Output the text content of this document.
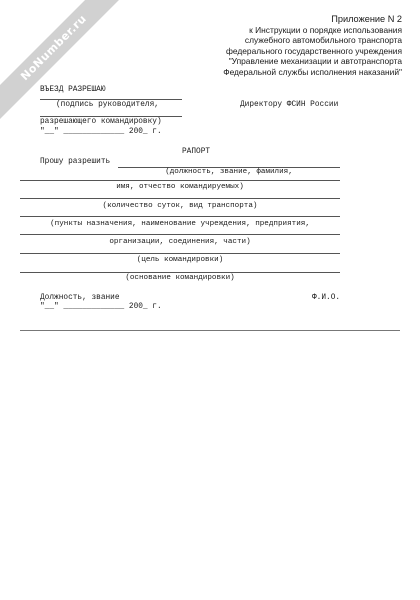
NoNumber.ru	Приложение N 2
к Инструкции о порядке использования
служебного автомобильного транспорта
федерального государственного учреждения
"Управление механизации и автотранспорта
Федеральной службы исполнения наказаний"
ВЪЕЗД РАЗРЕШАЮ
(подпись руководителя,
разрешающего командировку)
"__" _____________ 200_ г.
Директору ФСИН России
РАПОРТ
Прошу разрешить
(должность, звание, фамилия,
имя, отчество командируемых)
(количество суток, вид транспорта)
(пункты назначения, наименование учреждения, предприятия,
организации, соединения, части)
(цель командировки)
(основание командировки)
Должность, звание	Ф.И.О.
"__" _____________ 200_ г.
